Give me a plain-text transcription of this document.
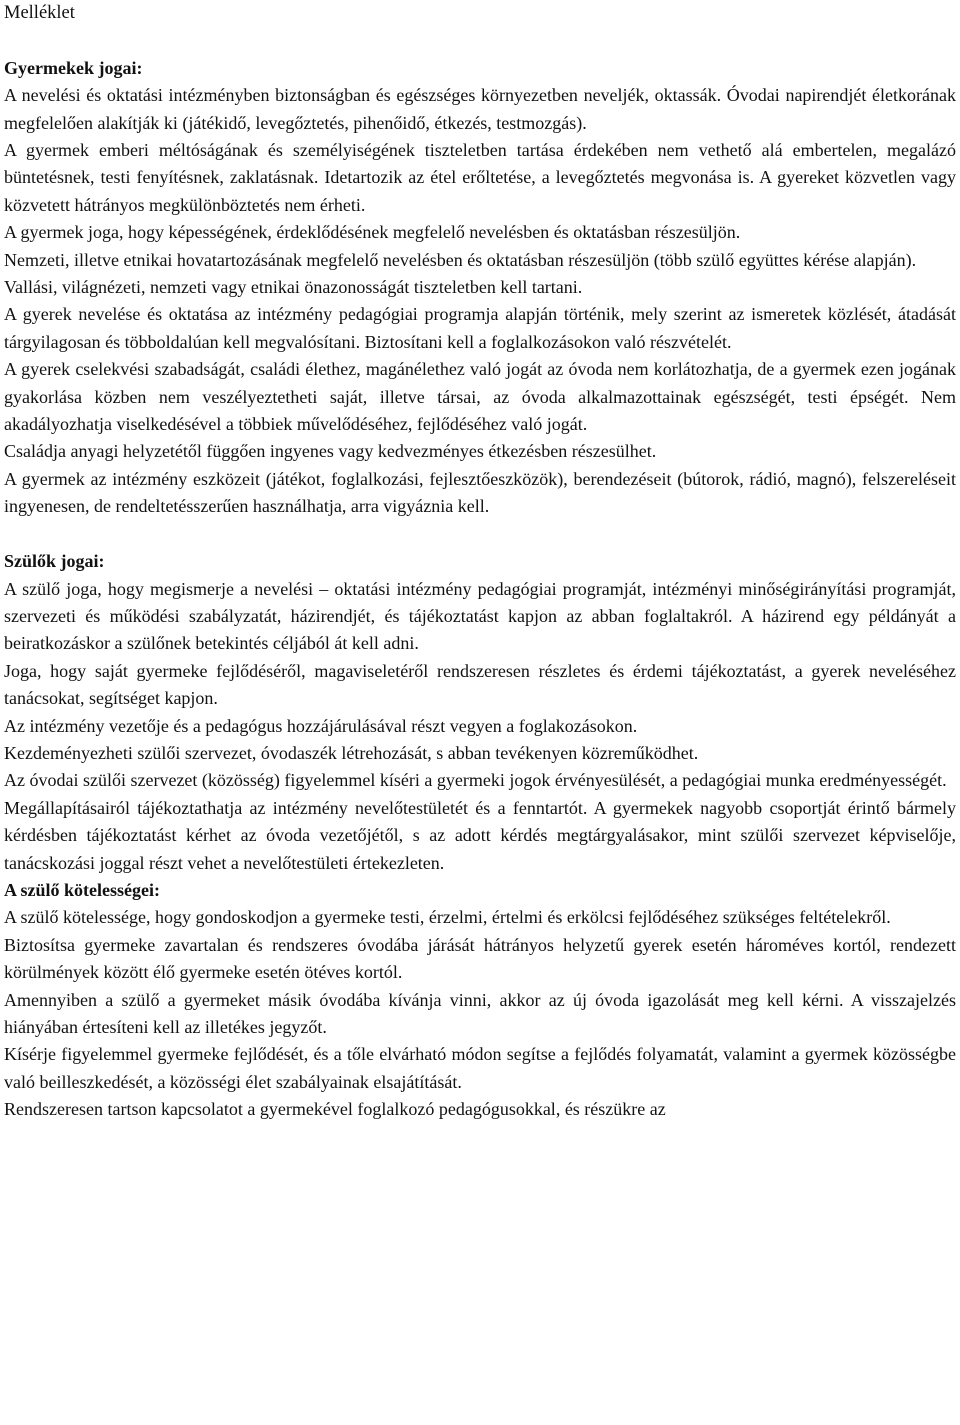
Melléklet

Gyermekek jogai:

A nevelési és oktatási intézményben biztonságban és egészséges környezetben neveljék, oktassák. Óvodai napirendjét életkorának megfelelően alakítják ki (játékidő, levegőztetés, pihenőidő, étkezés, testmozgás).

A gyermek emberi méltóságának és személyiségének tiszteletben tartása érdekében nem vethető alá embertelen, megalázó büntetésnek, testi fenyítésnek, zaklatásnak. Idetartozik az étel erőltetése, a levegőztetés megvonása is. A gyereket közvetlen vagy közvetett hátrányos megkülönböztetés nem érheti.

A gyermek joga, hogy képességének, érdeklődésének megfelelő nevelésben és oktatásban részesüljön.

Nemzeti, illetve etnikai hovatartozásának megfelelő nevelésben és oktatásban részesüljön (több szülő együttes kérése alapján).

Vallási, világnézeti, nemzeti vagy etnikai önazonosságát tiszteletben kell tartani.

A gyerek nevelése és oktatása az intézmény pedagógiai programja alapján történik, mely szerint az ismeretek közlését, átadását tárgyilagosan és többoldalúan kell megvalósítani. Biztosítani kell a foglalkozásokon való részvételét.

A gyerek cselekvési szabadságát, családi élethez, magánélethez való jogát az óvoda nem korlátozhatja, de a gyermek ezen jogának gyakorlása közben nem veszélyeztetheti saját, illetve társai, az óvoda alkalmazottainak egészségét, testi épségét. Nem akadályozhatja viselkedésével a többiek művelődéséhez, fejlődéséhez való jogát.

Családja anyagi helyzetétől függően ingyenes vagy kedvezményes étkezésben részesülhet.

A gyermek az intézmény eszközeit (játékot, foglalkozási, fejlesztőeszközök), berendezéseit (bútorok, rádió, magnó), felszereléseit ingyenesen, de rendeltetésszerűen használhatja, arra vigyáznia kell.

Szülők jogai:

A szülő joga, hogy megismerje a nevelési – oktatási intézmény pedagógiai programját, intézményi minőségirányítási programját, szervezeti és működési szabályzatát, házirendjét, és tájékoztatást kapjon az abban foglaltakról. A házirend egy példányát a beiratkozáskor a szülőnek betekintés céljából át kell adni.

Joga, hogy saját gyermeke fejlődéséről, magaviseletéről rendszeresen részletes és érdemi tájékoztatást, a gyerek neveléséhez tanácsokat, segítséget kapjon.

Az intézmény vezetője és a pedagógus hozzájárulásával részt vegyen a foglakozásokon.

Kezdeményezheti szülői szervezet, óvodaszék létrehozását, s abban tevékenyen közreműködhet.

Az óvodai szülői szervezet (közösség) figyelemmel kíséri a gyermeki jogok érvényesülését, a pedagógiai munka eredményességét.

Megállapításairól tájékoztathatja az intézmény nevelőtestületét és a fenntartót. A gyermekek nagyobb csoportját érintő bármely kérdésben tájékoztatást kérhet az óvoda vezetőjétől, s az adott kérdés megtárgyalásakor, mint szülői szervezet képviselője, tanácskozási joggal részt vehet a nevelőtestületi értekezleten.

A szülő kötelességei:

A szülő kötelessége, hogy gondoskodjon a gyermeke testi, érzelmi, értelmi és erkölcsi fejlődéséhez szükséges feltételekről.

Biztosítsa gyermeke zavartalan és rendszeres óvodába járását hátrányos helyzetű gyerek esetén hároméves kortól, rendezett körülmények között élő gyermeke esetén ötéves kortól.

Amennyiben a szülő a gyermeket másik óvodába kívánja vinni, akkor az új óvoda igazolását meg kell kérni. A visszajelzés hiányában értesíteni kell az illetékes jegyzőt.

Kísérje figyelemmel gyermeke fejlődését, és a tőle elvárható módon segítse a fejlődés folyamatát, valamint a gyermek közösségbe való beilleszkedését, a közösségi élet szabályainak elsajátítását.

Rendszeresen tartson kapcsolatot a gyermekével foglalkozó pedagógusokkal, és részükre az
